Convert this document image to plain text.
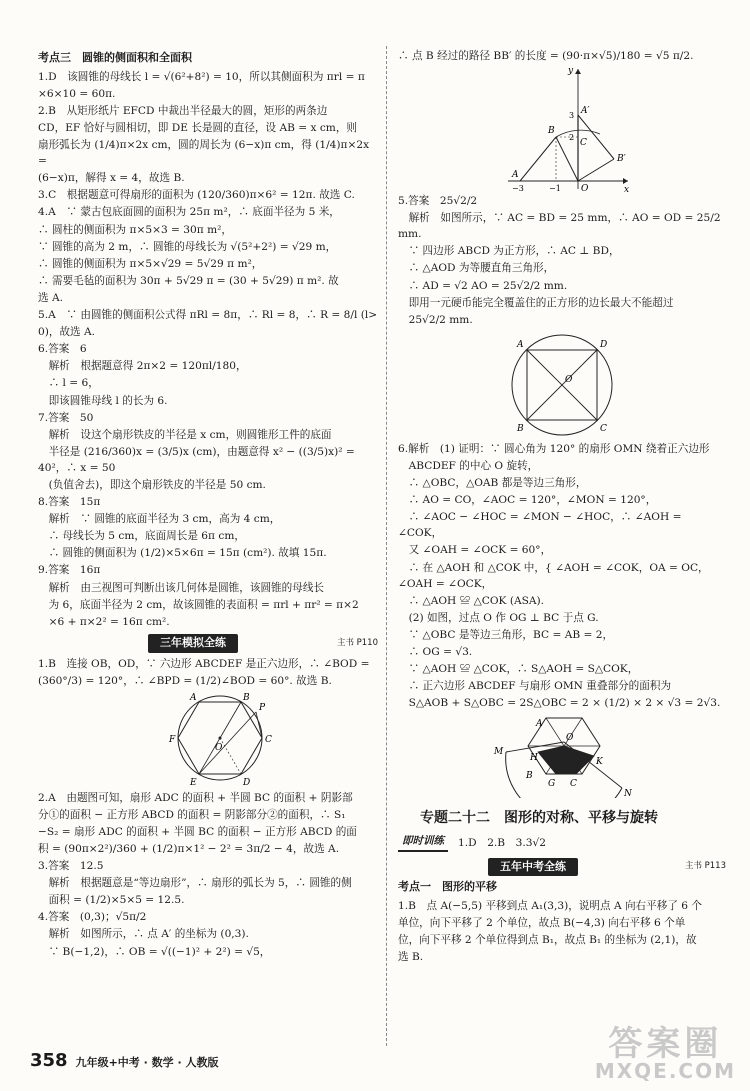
考点三　圆锥的侧面积和全面积

1.D　该圆锥的母线长 l = √(6²+8²) = 10，所以其侧面积为 πrl = π

×6×10 = 60π.

2.B　从矩形纸片 EFCD 中裁出半径最大的圆，矩形的两条边

CD，EF 恰好与圆相切，即 DE 长是圆的直径，设 AB = x cm，则

扇形弧长为 (1/4)π×2x cm，圆的周长为 (6−x)π cm，得 (1/4)π×2x =

(6−x)π，解得 x = 4，故选 B.

3.C　根据题意可得扇形的面积为 (120/360)π×6² = 12π. 故选 C.

4.A　∵ 蒙古包底面圆的面积为 25π m²，∴ 底面半径为 5 米，

∴ 圆柱的侧面积为 π×5×3 = 30π m²，

∵ 圆锥的高为 2 m，∴ 圆锥的母线长为 √(5²+2²) = √29 m，

∴ 圆锥的侧面积为 π×5×√29 = 5√29 π m²，

∴ 需要毛毡的面积为 30π + 5√29 π = (30 + 5√29) π m². 故

选 A.

5.A　∵ 由圆锥的侧面积公式得 πRl = 8π，∴ Rl = 8，∴ R = 8/l (l>

0)，故选 A.

6.答案　6

　解析　根据题意得 2π×2 = 120πl/180，

　∴ l = 6，

　即该圆锥母线 l 的长为 6.

7.答案　50

　解析　设这个扇形铁皮的半径是 x cm，则圆锥形工件的底面

　半径是 (216/360)x = (3/5)x (cm)，由题意得 x² − ((3/5)x)² = 40²，∴ x = 50

　(负值舍去)，即这个扇形铁皮的半径是 50 cm.

8.答案　15π

　解析　∵ 圆锥的底面半径为 3 cm，高为 4 cm，

　∴ 母线长为 5 cm，底面周长是 6π cm，

　∴ 圆锥的侧面积为 (1/2)×5×6π = 15π (cm²). 故填 15π.

9.答案　16π

　解析　由三视图可判断出该几何体是圆锥，该圆锥的母线长

　为 6，底面半径为 2 cm，故该圆锥的表面积 = πrl + πr² = π×2

　×6 + π×2² = 16π cm².

三年模拟全练	主书 P110

1.B　连接 OB，OD，∵ 六边形 ABCDEF 是正六边形，∴ ∠BOD =

(360°/3) = 120°，∴ ∠BPD = (1/2)∠BOD = 60°. 故选 B.

A	B
P
C
D
E
F
O

2.A　由题图可知，扇形 ADC 的面积 + 半圆 BC 的面积 + 阴影部

分①的面积 − 正方形 ABCD 的面积 = 阴影部分②的面积，∴ S₁

−S₂ = 扇形 ADC 的面积 + 半圆 BC 的面积 − 正方形 ABCD 的面

积 = (90π×2²)/360 + (1/2)π×1² − 2² = 3π/2 − 4，故选 A.

3.答案　12.5

　解析　根据题意是“等边扇形”，∴ 扇形的弧长为 5，∴ 圆锥的侧

　面积 = (1/2)×5×5 = 12.5.

4.答案　(0,3)；√5π/2

　解析　如图所示，∴ 点 A′ 的坐标为 (0,3).

　∵ B(−1,2)，∴ OB = √((−1)² + 2²) = √5，

∴ 点 B 经过的路径 BB′ 的长度 = (90·π×√5)/180 = √5 π/2.

y
x
A
B
A′
B′
C
O
−3	−1
2
3

5.答案　25√2/2

　解析　如图所示，∵ AC = BD = 25 mm，∴ AO = OD = 25/2 mm.

　∵ 四边形 ABCD 为正方形，∴ AC ⊥ BD，

　∴ △AOD 为等腰直角三角形，

　∴ AD = √2 AO = 25√2/2 mm.

　即用一元硬币能完全覆盖住的正方形的边长最大不能超过

　25√2/2 mm.

A	D
B	C
O

6.解析　(1) 证明：∵ 圆心角为 120° 的扇形 OMN 绕着正六边形

　ABCDEF 的中心 O 旋转，

　∴ △OBC，△OAB 都是等边三角形，

　∴ AO = CO，∠AOC = 120°，∠MON = 120°，

　∴ ∠AOC − ∠HOC = ∠MON − ∠HOC，∴ ∠AOH = ∠COK，

　又 ∠OAH = ∠OCK = 60°，

　∴ 在 △AOH 和 △COK 中，{ ∠AOH = ∠COK，OA = OC，∠OAH = ∠OCK，

　∴ △AOH ≌ △COK (ASA).

　(2) 如图，过点 O 作 OG ⊥ BC 于点 G.

　∵ △OBC 是等边三角形，BC = AB = 2，

　∴ OG = √3.

　∵ △AOH ≌ △COK，∴ S△AOH = S△COK，

　∴ 正六边形 ABCDEF 与扇形 OMN 重叠部分的面积为

　S△AOB + S△OBC = 2S△OBC = 2 × (1/2) × 2 × √3 = 2√3.

A
H
B
G C
K
O
M
N

专题二十二　图形的对称、平移与旋转

即时训练	1.D　2.B　3.3√2
五年中考全练	主书 P113

考点一　图形的平移

1.B　点 A(−5,5) 平移到点 A₁(3,3)，说明点 A 向右平移了 6 个

单位，向下平移了 2 个单位，故点 B(−4,3) 向右平移 6 个单

位，向下平移 2 个单位得到点 B₁，故点 B₁ 的坐标为 (2,1)，故

选 B.

358 九年级+中考 · 数学 · 人教版	答案圈
MXQE.COM
